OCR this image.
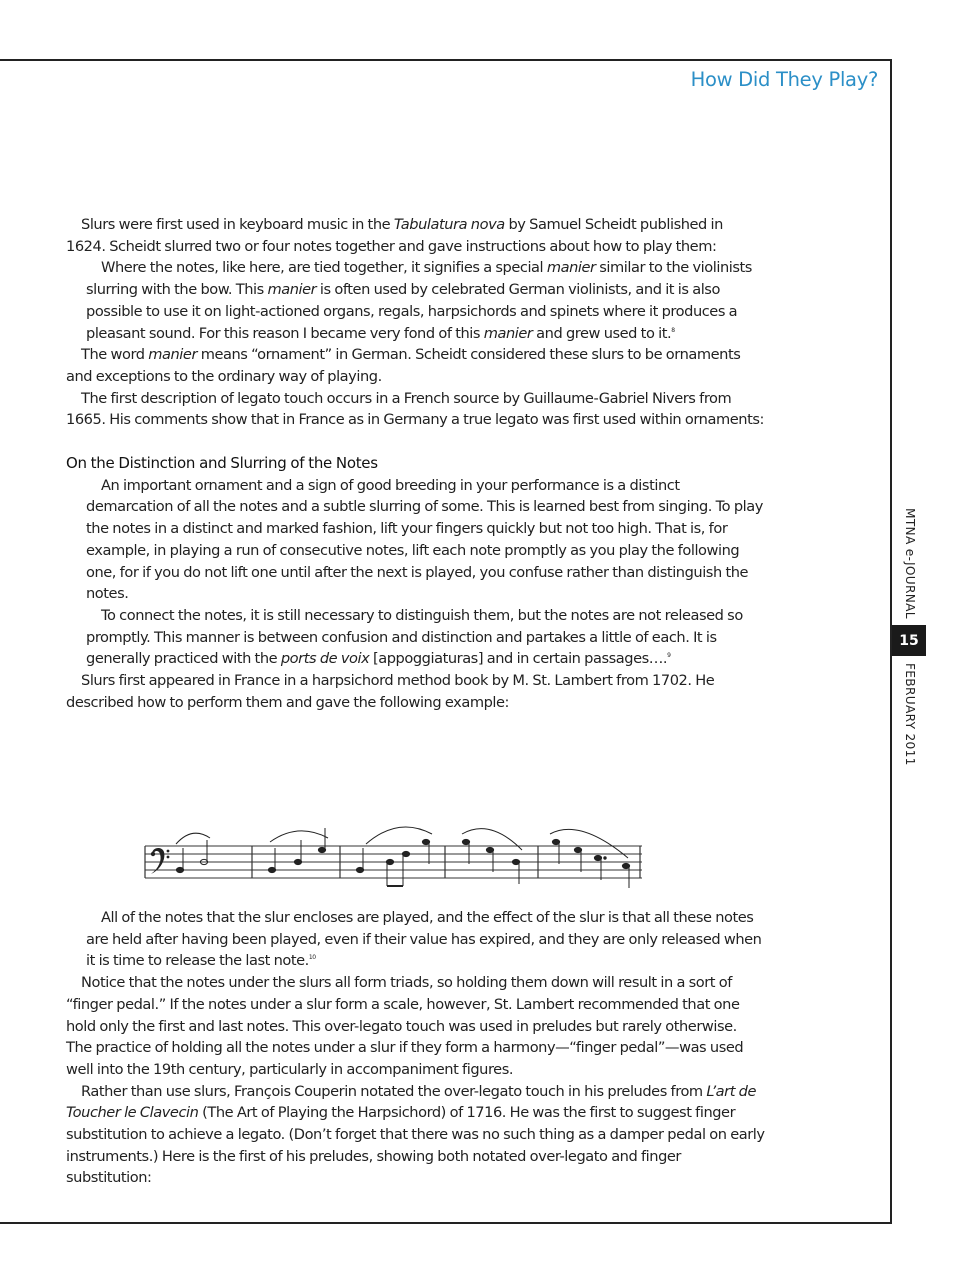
How Did They Play?

Slurs were first used in keyboard music in the Tabulatura nova by Samuel Scheidt published in 1624. Scheidt slurred two or four notes together and gave instructions about how to play them:

Where the notes, like here, are tied together, it signifies a special manier similar to the violinists slurring with the bow. This manier is often used by celebrated German violinists, and it is also possible to use it on light-actioned organs, regals, harpsichords and spinets where it produces a pleasant sound. For this reason I became very fond of this manier and grew used to it.$^8$

The word manier means “ornament” in German. Scheidt considered these slurs to be ornaments and exceptions to the ordinary way of playing.

The first description of legato touch occurs in a French source by Guillaume-Gabriel Nivers from 1665. His comments show that in France as in Germany a true legato was first used within ornaments:

On the Distinction and Slurring of the Notes

An important ornament and a sign of good breeding in your performance is a distinct demarcation of all the notes and a subtle slurring of some. This is learned best from singing. To play the notes in a distinct and marked fashion, lift your fingers quickly but not too high. That is, for example, in playing a run of consecutive notes, lift each note promptly as you play the following one, for if you do not lift one until after the next is played, you confuse rather than distinguish the notes.

To connect the notes, it is still necessary to distinguish them, but the notes are not released so promptly. This manner is between confusion and distinction and partakes a little of each. It is generally practiced with the ports de voix [appoggiaturas] and in certain passages….$^9$

Slurs first appeared in France in a harpsichord method book by M. St. Lambert from 1702. He described how to perform them and gave the following example:

All of the notes that the slur encloses are played, and the effect of the slur is that all these notes are held after having been played, even if their value has expired, and they are only released when it is time to release the last note.$^{10}$

Notice that the notes under the slurs all form triads, so holding them down will result in a sort of “finger pedal.” If the notes under a slur form a scale, however, St. Lambert recommended that one hold only the first and last notes. This over-legato touch was used in preludes but rarely otherwise. The practice of holding all the notes under a slur if they form a harmony—“finger pedal”—was used well into the 19th century, particularly in accompaniment figures.

Rather than use slurs, François Couperin notated the over-legato touch in his preludes from L’art de Toucher le Clavecin (The Art of Playing the Harpsichord) of 1716. He was the first to suggest finger substitution to achieve a legato. (Don’t forget that there was no such thing as a damper pedal on early instruments.) Here is the first of his preludes, showing both notated over-legato and finger substitution:

MTNA e-JOURNAL
15
FEBRUARY 2011
